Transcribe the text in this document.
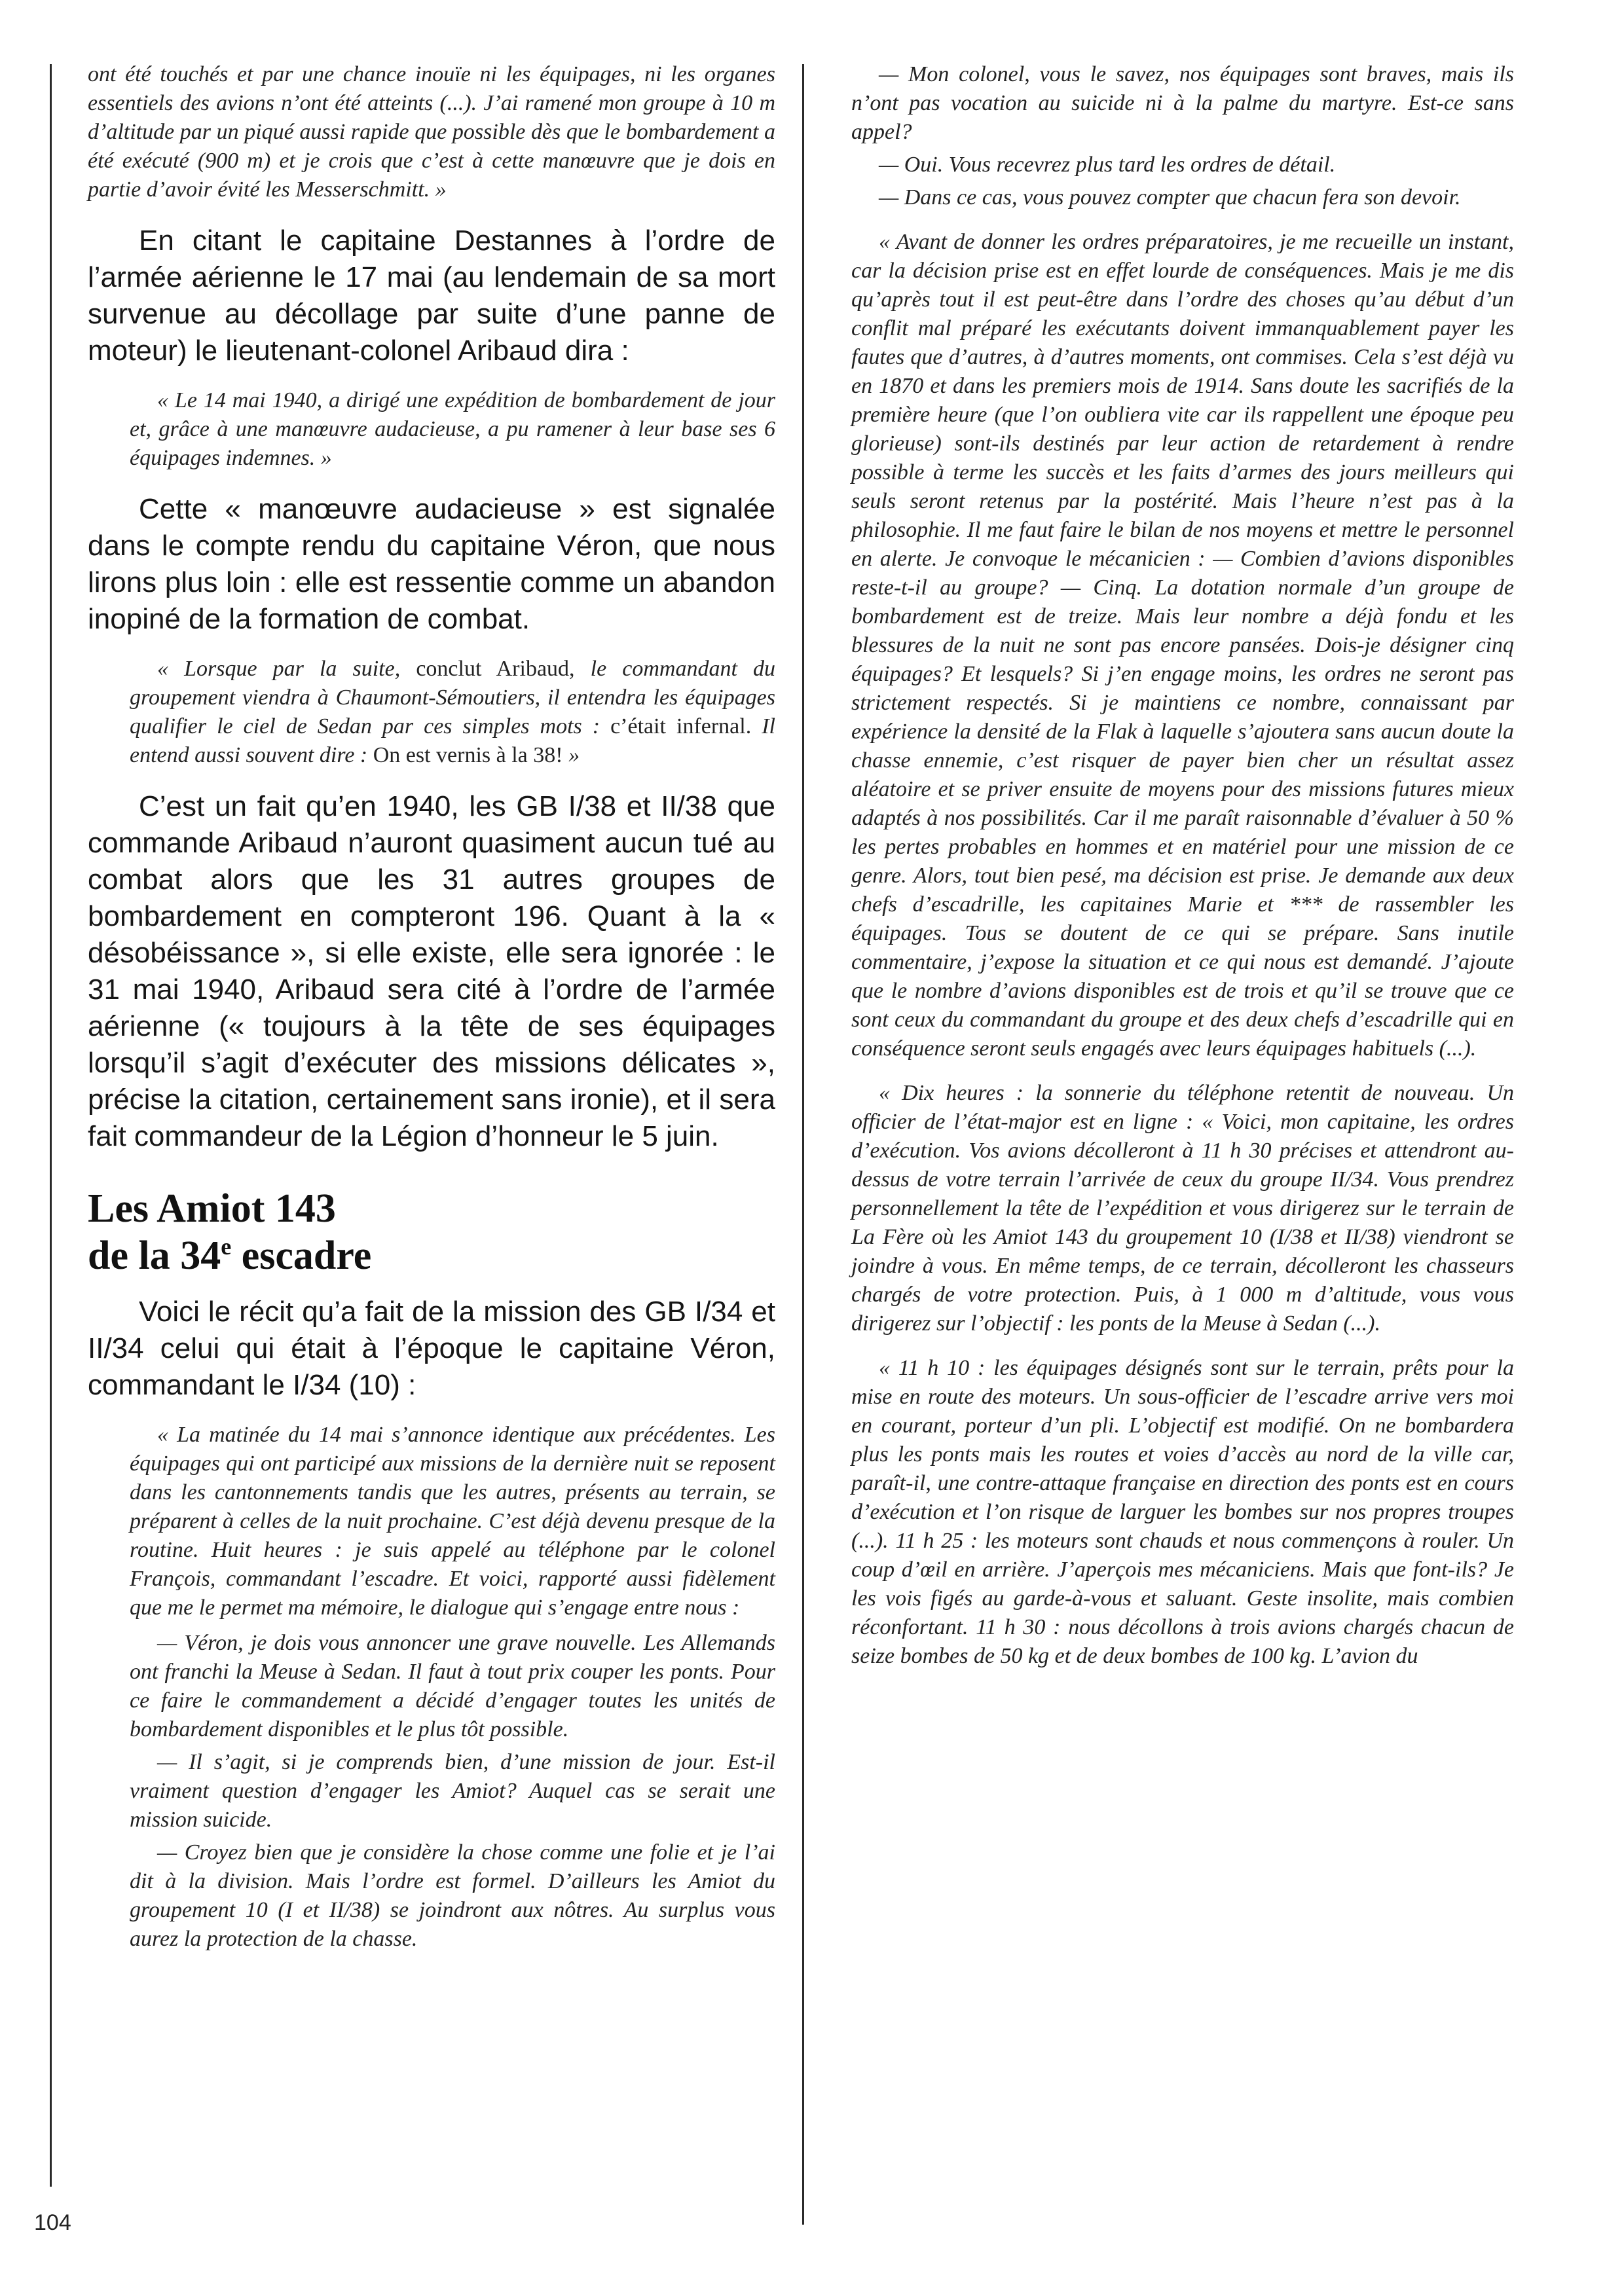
ont été touchés et par une chance inouïe ni les équipages, ni les organes essentiels des avions n’ont été atteints (...). J’ai ramené mon groupe à 10 m d’altitude par un piqué aussi rapide que possible dès que le bombardement a été exécuté (900 m) et je crois que c’est à cette manœuvre que je dois en partie d’avoir évité les Messerschmitt. »

En citant le capitaine Destannes à l’ordre de l’armée aérienne le 17 mai (au lendemain de sa mort survenue au décollage par suite d’une panne de moteur) le lieutenant-colonel Aribaud dira :

« Le 14 mai 1940, a dirigé une expédition de bombardement de jour et, grâce à une manœuvre audacieuse, a pu ramener à leur base ses 6 équipages indemnes. »

Cette « manœuvre audacieuse » est signalée dans le compte rendu du capitaine Véron, que nous lirons plus loin : elle est ressentie comme un abandon inopiné de la formation de combat.

« Lorsque par la suite, conclut Aribaud, le commandant du groupement viendra à Chaumont-Sémoutiers, il entendra les équipages qualifier le ciel de Sedan par ces simples mots : c’était infernal. Il entend aussi souvent dire : On est vernis à la 38! »

C’est un fait qu’en 1940, les GB I/38 et II/38 que commande Aribaud n’auront quasiment aucun tué au combat alors que les 31 autres groupes de bombardement en compteront 196. Quant à la « désobéissance », si elle existe, elle sera ignorée : le 31 mai 1940, Aribaud sera cité à l’ordre de l’armée aérienne (« toujours à la tête de ses équipages lorsqu’il s’agit d’exécuter des missions délicates », précise la citation, certainement sans ironie), et il sera fait commandeur de la Légion d’honneur le 5 juin.

Les Amiot 143
de la 34e escadre

Voici le récit qu’a fait de la mission des GB I/34 et II/34 celui qui était à l’époque le capitaine Véron, commandant le I/34 (10) :

« La matinée du 14 mai s’annonce identique aux précédentes. Les équipages qui ont participé aux missions de la dernière nuit se reposent dans les cantonnements tandis que les autres, présents au terrain, se préparent à celles de la nuit prochaine. C’est déjà devenu presque de la routine. Huit heures : je suis appelé au téléphone par le colonel François, commandant l’escadre. Et voici, rapporté aussi fidèlement que me le permet ma mémoire, le dialogue qui s’engage entre nous :

— Véron, je dois vous annoncer une grave nouvelle. Les Allemands ont franchi la Meuse à Sedan. Il faut à tout prix couper les ponts. Pour ce faire le commandement a décidé d’engager toutes les unités de bombardement disponibles et le plus tôt possible.

— Il s’agit, si je comprends bien, d’une mission de jour. Est-il vraiment question d’engager les Amiot? Auquel cas se serait une mission suicide.

— Croyez bien que je considère la chose comme une folie et je l’ai dit à la division. Mais l’ordre est formel. D’ailleurs les Amiot du groupement 10 (I et II/38) se joindront aux nôtres. Au surplus vous aurez la protection de la chasse.

— Mon colonel, vous le savez, nos équipages sont braves, mais ils n’ont pas vocation au suicide ni à la palme du martyre. Est-ce sans appel?

— Oui. Vous recevrez plus tard les ordres de détail.

— Dans ce cas, vous pouvez compter que chacun fera son devoir.

« Avant de donner les ordres préparatoires, je me recueille un instant, car la décision prise est en effet lourde de conséquences. Mais je me dis qu’après tout il est peut-être dans l’ordre des choses qu’au début d’un conflit mal préparé les exécutants doivent immanquablement payer les fautes que d’autres, à d’autres moments, ont commises. Cela s’est déjà vu en 1870 et dans les premiers mois de 1914. Sans doute les sacrifiés de la première heure (que l’on oubliera vite car ils rappellent une époque peu glorieuse) sont-ils destinés par leur action de retardement à rendre possible à terme les succès et les faits d’armes des jours meilleurs qui seuls seront retenus par la postérité. Mais l’heure n’est pas à la philosophie. Il me faut faire le bilan de nos moyens et mettre le personnel en alerte. Je convoque le mécanicien : — Combien d’avions disponibles reste-t-il au groupe? — Cinq. La dotation normale d’un groupe de bombardement est de treize. Mais leur nombre a déjà fondu et les blessures de la nuit ne sont pas encore pansées. Dois-je désigner cinq équipages? Et lesquels? Si j’en engage moins, les ordres ne seront pas strictement respectés. Si je maintiens ce nombre, connaissant par expérience la densité de la Flak à laquelle s’ajoutera sans aucun doute la chasse ennemie, c’est risquer de payer bien cher un résultat assez aléatoire et se priver ensuite de moyens pour des missions futures mieux adaptés à nos possibilités. Car il me paraît raisonnable d’évaluer à 50 % les pertes probables en hommes et en matériel pour une mission de ce genre. Alors, tout bien pesé, ma décision est prise. Je demande aux deux chefs d’escadrille, les capitaines Marie et *** de rassembler les équipages. Tous se doutent de ce qui se prépare. Sans inutile commentaire, j’expose la situation et ce qui nous est demandé. J’ajoute que le nombre d’avions disponibles est de trois et qu’il se trouve que ce sont ceux du commandant du groupe et des deux chefs d’escadrille qui en conséquence seront seuls engagés avec leurs équipages habituels (...).

« Dix heures : la sonnerie du téléphone retentit de nouveau. Un officier de l’état-major est en ligne : « Voici, mon capitaine, les ordres d’exécution. Vos avions décolleront à 11 h 30 précises et attendront au-dessus de votre terrain l’arrivée de ceux du groupe II/34. Vous prendrez personnellement la tête de l’expédition et vous dirigerez sur le terrain de La Fère où les Amiot 143 du groupement 10 (I/38 et II/38) viendront se joindre à vous. En même temps, de ce terrain, décolleront les chasseurs chargés de votre protection. Puis, à 1 000 m d’altitude, vous vous dirigerez sur l’objectif : les ponts de la Meuse à Sedan (...).

« 11 h 10 : les équipages désignés sont sur le terrain, prêts pour la mise en route des moteurs. Un sous-officier de l’escadre arrive vers moi en courant, porteur d’un pli. L’objectif est modifié. On ne bombardera plus les ponts mais les routes et voies d’accès au nord de la ville car, paraît-il, une contre-attaque française en direction des ponts est en cours d’exécution et l’on risque de larguer les bombes sur nos propres troupes (...). 11 h 25 : les moteurs sont chauds et nous commençons à rouler. Un coup d’œil en arrière. J’aperçois mes mécaniciens. Mais que font-ils? Je les vois figés au garde-à-vous et saluant. Geste insolite, mais combien réconfortant. 11 h 30 : nous décollons à trois avions chargés chacun de seize bombes de 50 kg et de deux bombes de 100 kg. L’avion du

104
